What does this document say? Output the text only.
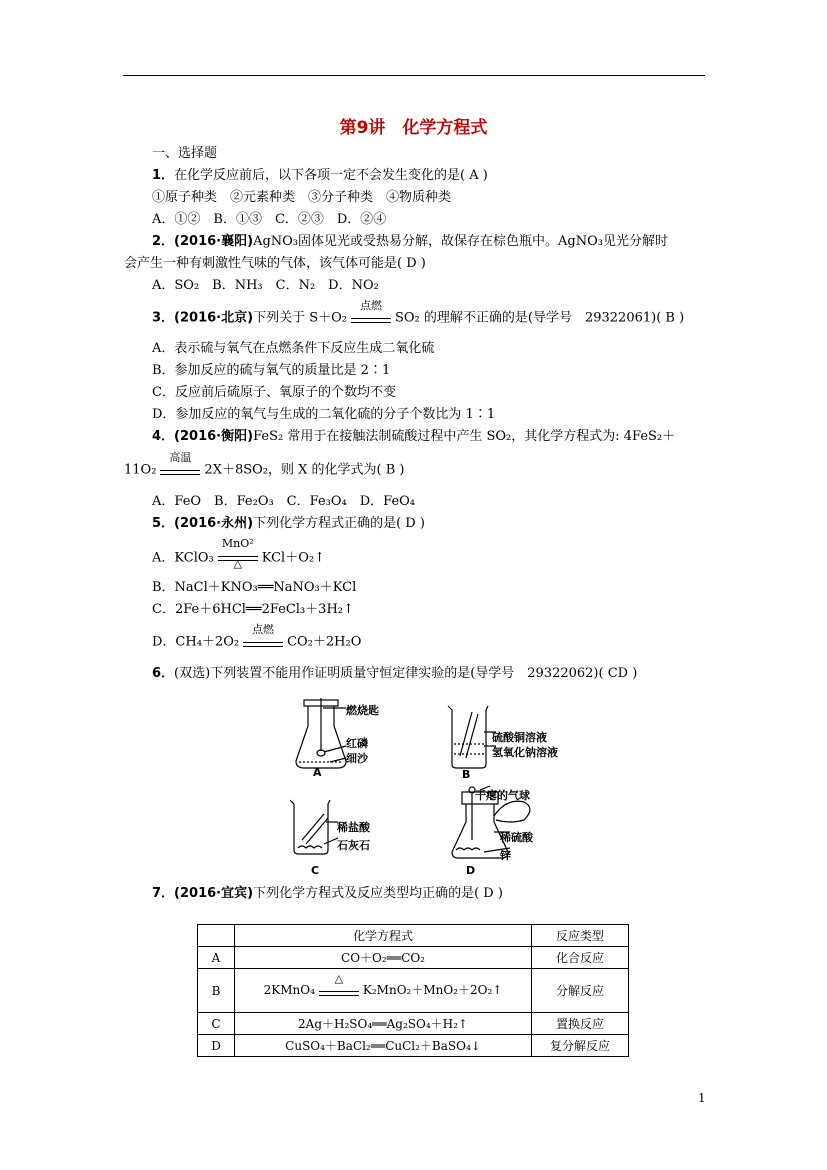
第9讲　化学方程式
一、选择题
1．在化学反应前后，以下各项一定不会发生变化的是( A )
①原子种类　②元素种类　③分子种类　④物质种类
A．①②　B．①③　C．②③　D．②④
2．(2016·襄阳)AgNO₃固体见光或受热易分解，故保存在棕色瓶中。AgNO₃见光分解时
会产生一种有刺激性气味的气体，该气体可能是( D )
A．SO₂　B．NH₃　C．N₂　D．NO₂
3．(2016·北京)下列关于 S＋O₂
点燃
SO₂ 的理解不正确的是(导学号　29322061)( B )
A．表示硫与氧气在点燃条件下反应生成二氧化硫
B．参加反应的硫与氧气的质量比是 2∶1
C．反应前后硫原子、氧原子的个数均不变
D．参加反应的氧气与生成的二氧化硫的分子个数比为 1∶1
4．(2016·衡阳)FeS₂ 常用于在接触法制硫酸过程中产生 SO₂，其化学方程式为: 4FeS₂＋
11O₂
高温
2X＋8SO₂，则 X 的化学式为( B )
A．FeO　B．Fe₂O₃　C．Fe₃O₄　D．FeO₄
5．(2016·永州)下列化学方程式正确的是( D )
A．KClO₃
MnO²
△	KCl＋O₂↑
B．NaCl＋KNO₃══NaNO₃＋KCl
C．2Fe＋6HCl══2FeCl₃＋3H₂↑
D．CH₄＋2O₂
点燃
CO₂＋2H₂O
6．(双选)下列装置不能用作证明质量守恒定律实验的是(导学号　29322062)( CD )
燃烧匙
红磷
细沙
A
硫酸铜溶液
氢氧化钠溶液
B
稀盐酸
石灰石
C
干瘪的气球
稀硫酸
锌
D
7．(2016·宜宾)下列化学方程式及反应类型均正确的是( D )
	化学方程式	反应类型
A	CO＋O₂══CO₂	化合反应
B	2KMnO₄
△
K₂MnO₂＋MnO₂＋2O₂↑	分解反应
C	2Ag＋H₂SO₄══Ag₂SO₄＋H₂↑	置换反应
D	CuSO₄＋BaCl₂══CuCl₂＋BaSO₄↓	复分解反应
1
